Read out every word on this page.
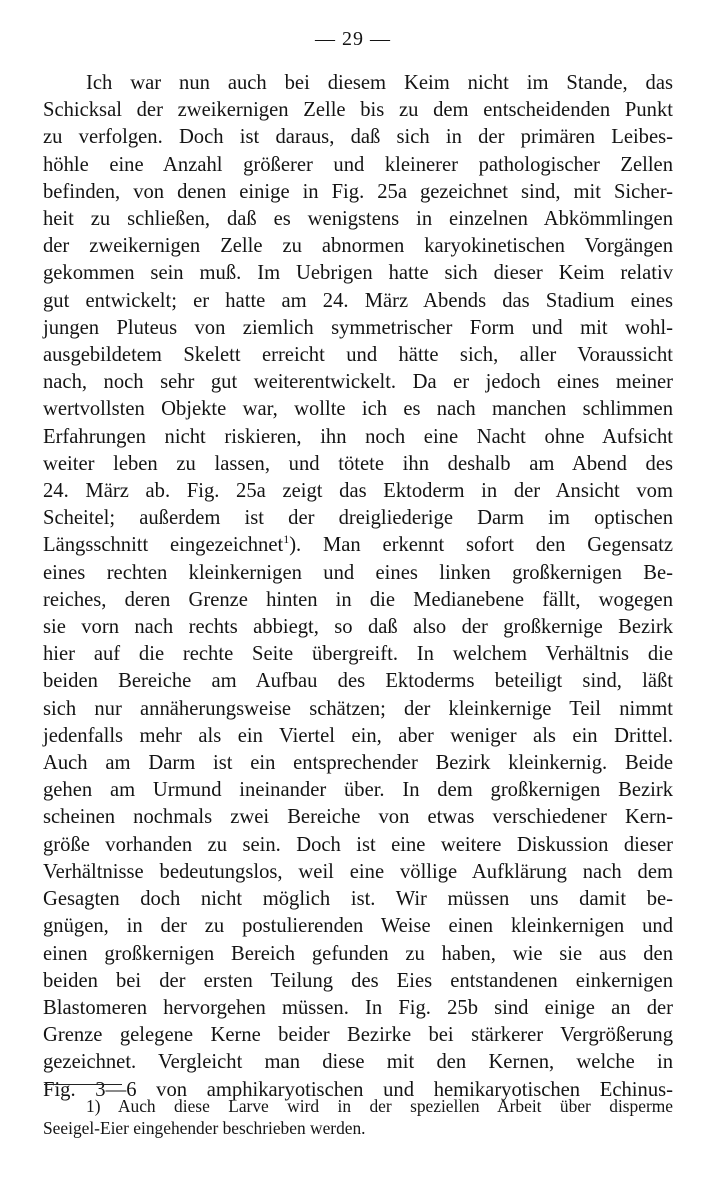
— 29 —
Ich war nun auch bei diesem Keim nicht im Stande, das
Schicksal der zweikernigen Zelle bis zu dem entscheidenden Punkt
zu verfolgen. Doch ist daraus, daß sich in der primären Leibes-
höhle eine Anzahl größerer und kleinerer pathologischer Zellen
befinden, von denen einige in Fig. 25a gezeichnet sind, mit Sicher-
heit zu schließen, daß es wenigstens in einzelnen Abkömmlingen
der zweikernigen Zelle zu abnormen karyokinetischen Vorgängen
gekommen sein muß. Im Uebrigen hatte sich dieser Keim relativ
gut entwickelt; er hatte am 24. März Abends das Stadium eines
jungen Pluteus von ziemlich symmetrischer Form und mit wohl-
ausgebildetem Skelett erreicht und hätte sich, aller Voraussicht
nach, noch sehr gut weiterentwickelt. Da er jedoch eines meiner
wertvollsten Objekte war, wollte ich es nach manchen schlimmen
Erfahrungen nicht riskieren, ihn noch eine Nacht ohne Aufsicht
weiter leben zu lassen, und tötete ihn deshalb am Abend des
24. März ab. Fig. 25a zeigt das Ektoderm in der Ansicht vom
Scheitel; außerdem ist der dreigliederige Darm im optischen
Längsschnitt eingezeichnet$^1$). Man erkennt sofort den Gegensatz
eines rechten kleinkernigen und eines linken großkernigen Be-
reiches, deren Grenze hinten in die Medianebene fällt, wogegen
sie vorn nach rechts abbiegt, so daß also der großkernige Bezirk
hier auf die rechte Seite übergreift. In welchem Verhältnis die
beiden Bereiche am Aufbau des Ektoderms beteiligt sind, läßt
sich nur annäherungsweise schätzen; der kleinkernige Teil nimmt
jedenfalls mehr als ein Viertel ein, aber weniger als ein Drittel.
Auch am Darm ist ein entsprechender Bezirk kleinkernig. Beide
gehen am Urmund ineinander über. In dem großkernigen Bezirk
scheinen nochmals zwei Bereiche von etwas verschiedener Kern-
größe vorhanden zu sein. Doch ist eine weitere Diskussion dieser
Verhältnisse bedeutungslos, weil eine völlige Aufklärung nach dem
Gesagten doch nicht möglich ist. Wir müssen uns damit be-
gnügen, in der zu postulierenden Weise einen kleinkernigen und
einen großkernigen Bereich gefunden zu haben, wie sie aus den
beiden bei der ersten Teilung des Eies entstandenen einkernigen
Blastomeren hervorgehen müssen. In Fig. 25b sind einige an der
Grenze gelegene Kerne beider Bezirke bei stärkerer Vergrößerung
gezeichnet. Vergleicht man diese mit den Kernen, welche in
Fig. 3—6 von amphikaryotischen und hemikaryotischen Echinus-
1) Auch diese Larve wird in der speziellen Arbeit über disperme
Seeigel-Eier eingehender beschrieben werden.
